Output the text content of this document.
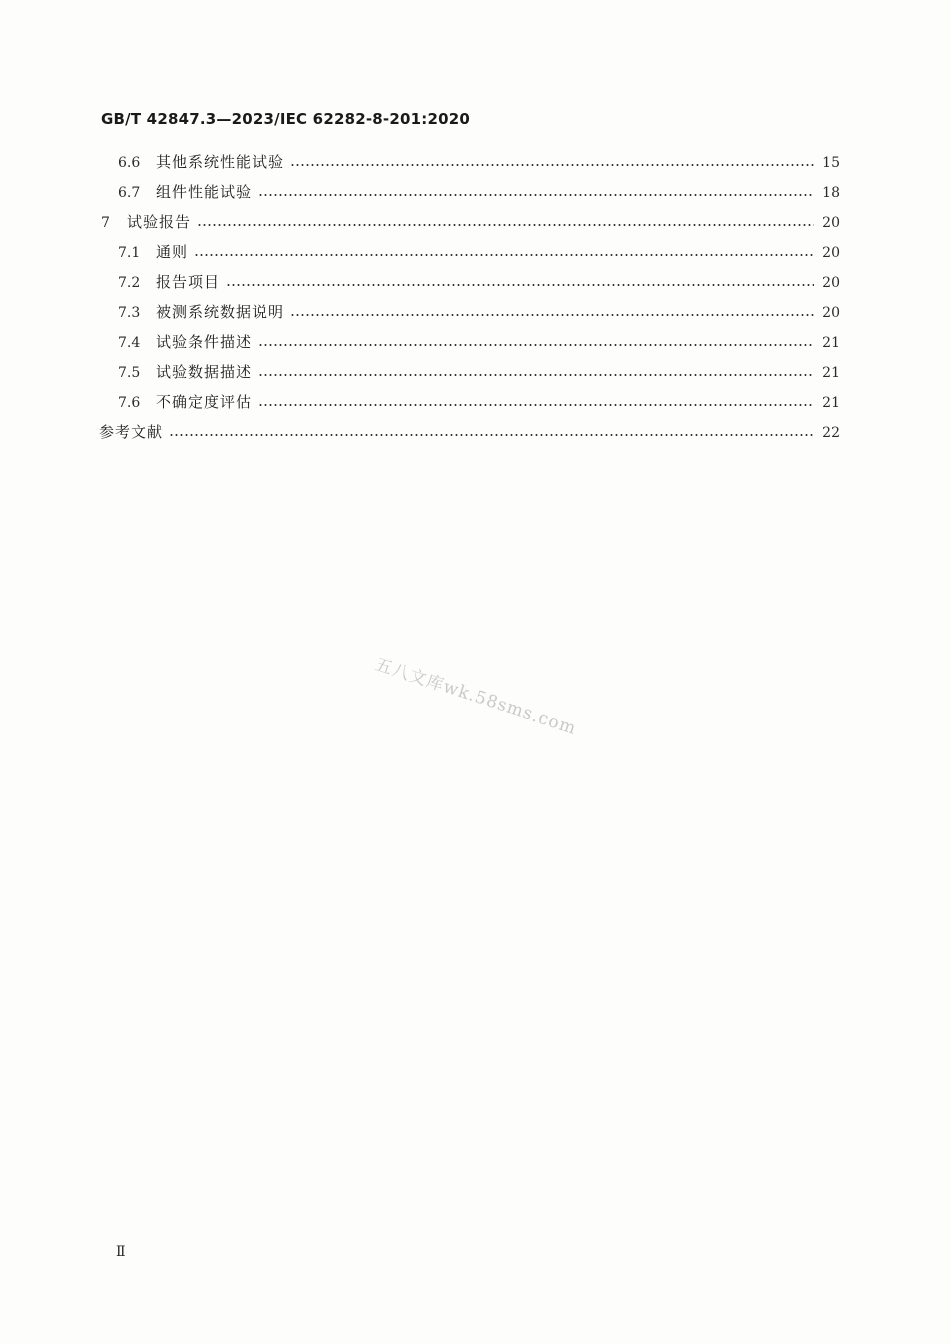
GB/T 42847.3—2023/IEC 62282-8-201:2020
6.6	其他系统性能试验	15
6.7	组件性能试验	18
7	试验报告	20
7.1	通则	20
7.2	报告项目	20
7.3	被测系统数据说明	20
7.4	试验条件描述	21
7.5	试验数据描述	21
7.6	不确定度评估	21
参考文献	22
五八文库wk.58sms.com
Ⅱ
